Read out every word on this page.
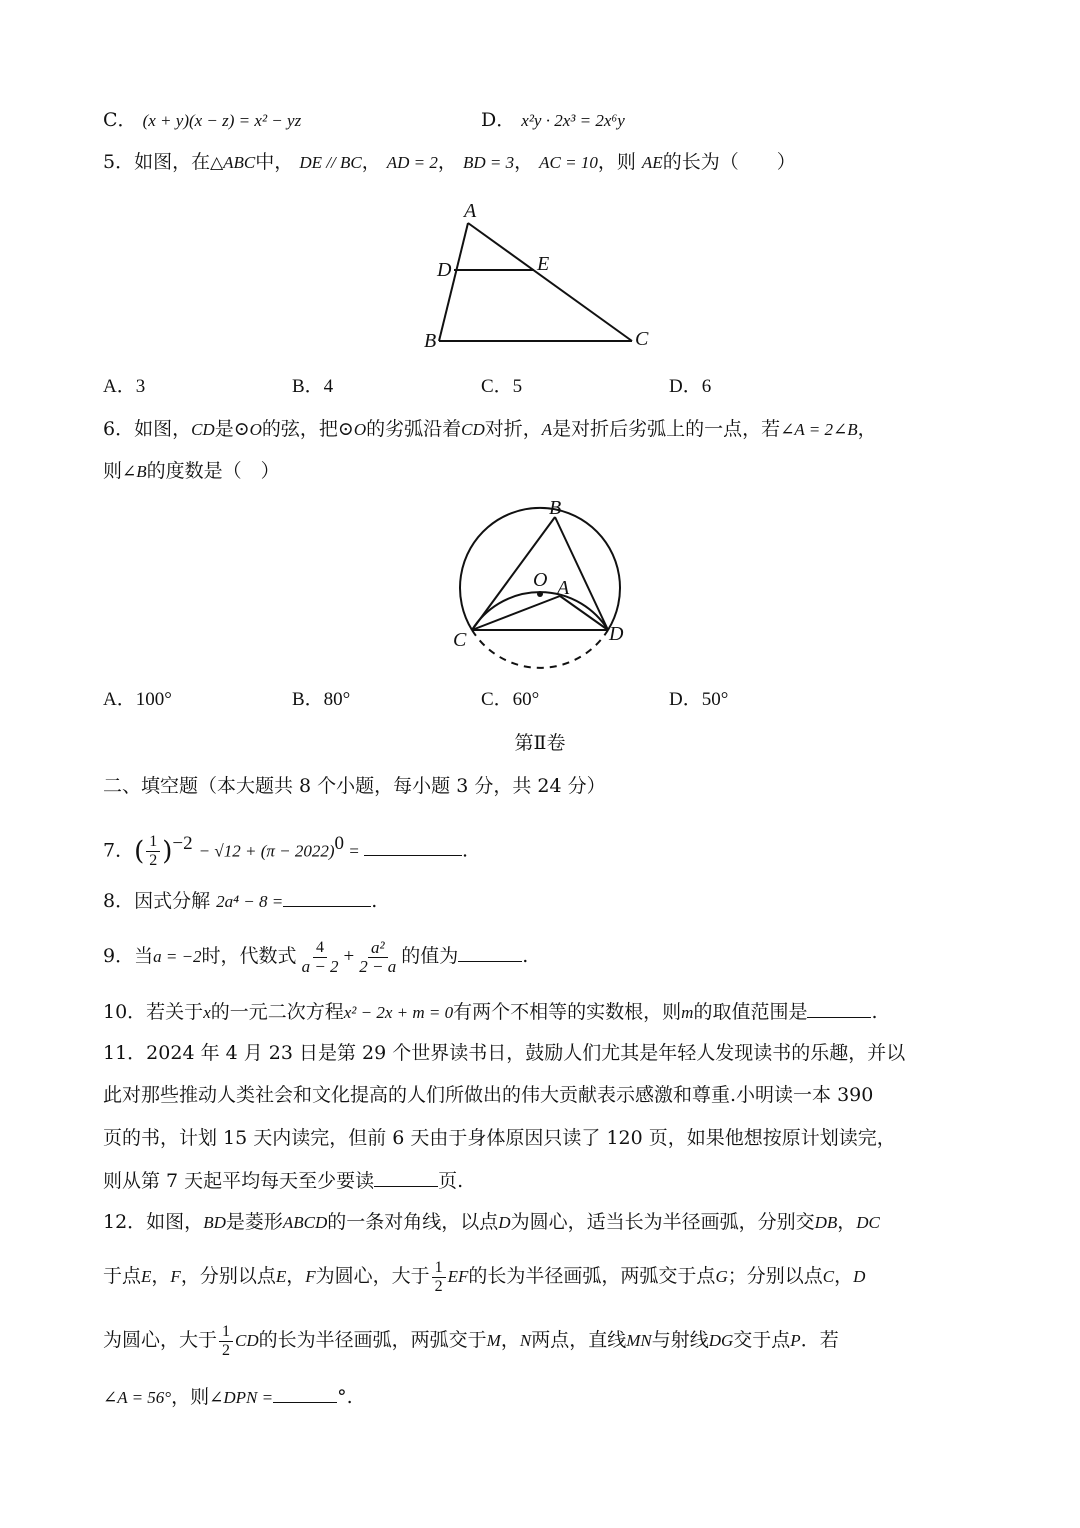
C． (x + y)(x − z) = x² − yz	D． x²y · 2x³ = 2x⁶y
5．如图，在△ABC中， DE // BC， AD = 2， BD = 3， AC = 10，则 AE的长为（　　）
A
D	E
B	C
A．3	B．4	C．5	D．6
6．如图，CD是⊙O的弦，把⊙O的劣弧沿着CD对折，A是对折后劣弧上的一点，若∠A = 2∠B，
则∠B的度数是（　）
B
O A
C	D
A．100°	B．80°	C．60°	D．50°
第Ⅱ卷
二、填空题（本大题共 8 个小题，每小题 3 分，共 24 分）
7．( $\frac{1}{2} )^{-2} - √12 + (\pi - 2022)^0$ =	.
8．因式分解 2a⁴ − 8 =	.
9．当a = −2时，代数式 $\frac{4}{a - 2} + \frac{\text{a²}}{2 - a}$ 的值为	.
10．若关于x的一元二次方程x² − 2x + m = 0有两个不相等的实数根，则m的取值范围是	.
11．2024 年 4 月 23 日是第 29 个世界读书日，鼓励人们尤其是年轻人发现读书的乐趣，并以
此对那些推动人类社会和文化提高的人们所做出的伟大贡献表示感激和尊重.小明读一本 390
页的书，计划 15 天内读完，但前 6 天由于身体原因只读了 120 页，如果他想按原计划读完，
则从第 7 天起平均每天至少要读	页.
12．如图，BD是菱形ABCD的一条对角线，以点D为圆心，适当长为半径画弧，分别交DB，DC
于点E，F，分别以点E，F为圆心，大于 $\frac{1}{2}$ EF的长为半径画弧，两弧交于点G；分别以点C，D
为圆心，大于 $\frac{1}{2}$ CD的长为半径画弧，两弧交于M，N两点，直线MN与射线DG交于点P．若
∠A = 56°，则∠DPN =	°.
